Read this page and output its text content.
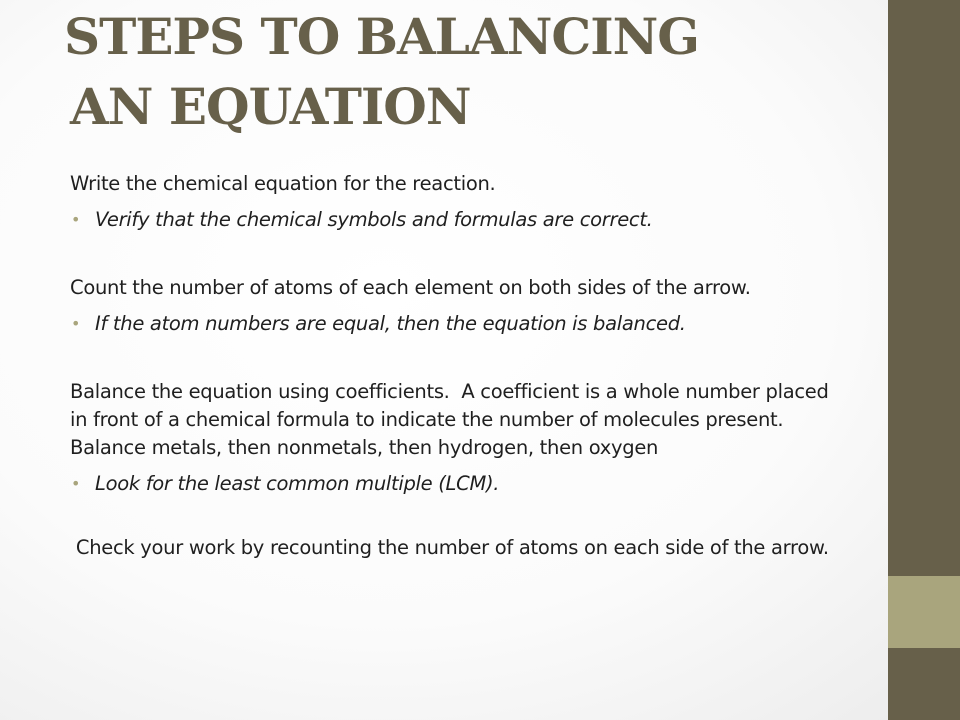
STEPS TO BALANCING
AN EQUATION

Write the chemical equation for the reaction.

• Verify that the chemical symbols and formulas are correct.

Count the number of atoms of each element on both sides of the arrow.

• If the atom numbers are equal, then the equation is balanced.

Balance the equation using coefficients.  A coefficient is a whole number placed in front of a chemical formula to indicate the number of molecules present.  Balance metals, then nonmetals, then hydrogen, then oxygen

• Look for the least common multiple (LCM).

Check your work by recounting the number of atoms on each side of the arrow.
